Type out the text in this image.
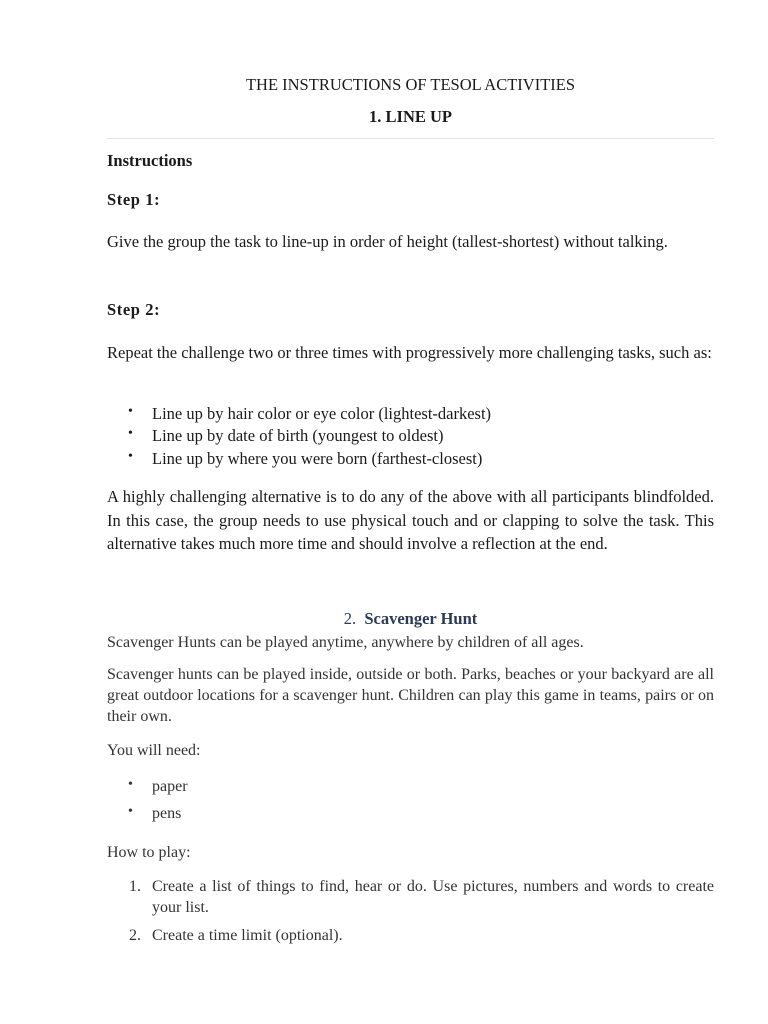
THE INSTRUCTIONS OF TESOL ACTIVITIES
1. LINE UP

Instructions

Step 1:

Give the group the task to line-up in order of height (tallest-shortest) without talking.

Step 2:

Repeat the challenge two or three times with progressively more challenging tasks, such as:

• Line up by hair color or eye color (lightest-darkest)
• Line up by date of birth (youngest to oldest)
• Line up by where you were born (farthest-closest)

A highly challenging alternative is to do any of the above with all participants blindfolded. In this case, the group needs to use physical touch and or clapping to solve the task. This alternative takes much more time and should involve a reflection at the end.

2. Scavenger Hunt

Scavenger Hunts can be played anytime, anywhere by children of all ages.

Scavenger hunts can be played inside, outside or both. Parks, beaches or your backyard are all great outdoor locations for a scavenger hunt. Children can play this game in teams, pairs or on their own.

You will need:

• paper
• pens

How to play:

1. Create a list of things to find, hear or do. Use pictures, numbers and words to create your list.
2. Create a time limit (optional).
